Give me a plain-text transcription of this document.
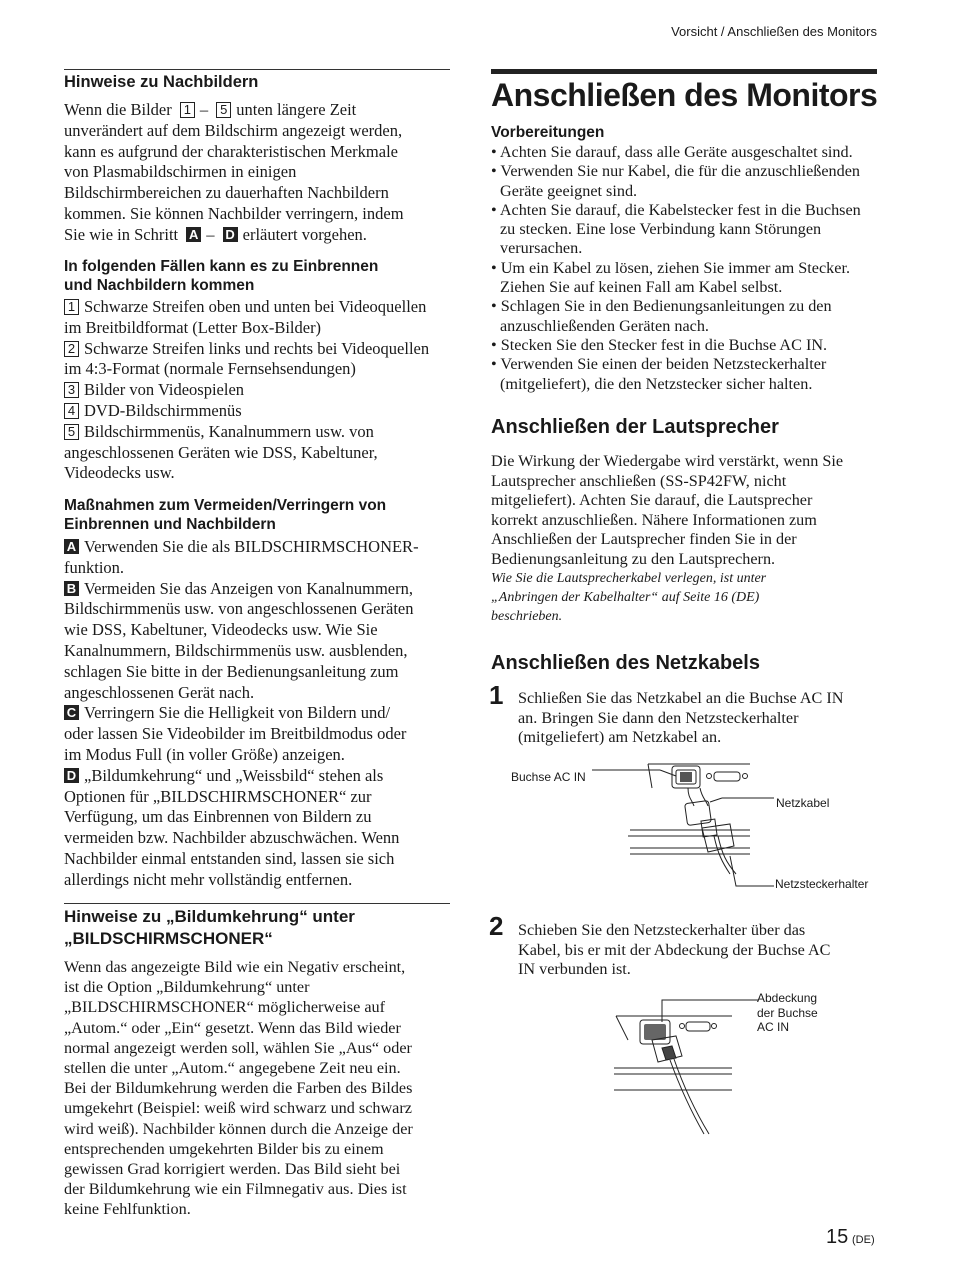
Vorsicht / Anschließen des Monitors
Hinweise zu Nachbildern
Wenn die Bilder 1 – 5 unten längere Zeit
unverändert auf dem Bildschirm angezeigt werden,
kann es aufgrund der charakteristischen Merkmale
von Plasmabildschirmen in einigen
Bildschirmbereichen zu dauerhaften Nachbildern
kommen. Sie können Nachbilder verringern, indem
Sie wie in Schritt A – D erläutert vorgehen.
In folgenden Fällen kann es zu Einbrennen
und Nachbildern kommen
1 Schwarze Streifen oben und unten bei Videoquellen
im Breitbildformat (Letter Box-Bilder)
2 Schwarze Streifen links und rechts bei Videoquellen
im 4:3-Format (normale Fernsehsendungen)
3 Bilder von Videospielen
4 DVD-Bildschirmmenüs
5 Bildschirmmenüs, Kanalnummern usw. von
angeschlossenen Geräten wie DSS, Kabeltuner,
Videodecks usw.
Maßnahmen zum Vermeiden/Verringern von
Einbrennen und Nachbildern
A Verwenden Sie die als BILDSCHIRMSCHONER-
funktion.
B Vermeiden Sie das Anzeigen von Kanalnummern,
Bildschirmmenüs usw. von angeschlossenen Geräten
wie DSS, Kabeltuner, Videodecks usw. Wie Sie
Kanalnummern, Bildschirmmenüs usw. ausblenden,
schlagen Sie bitte in der Bedienungsanleitung zum
angeschlossenen Gerät nach.
C Verringern Sie die Helligkeit von Bildern und/
oder lassen Sie Videobilder im Breitbildmodus oder
im Modus Full (in voller Größe) anzeigen.
D „Bildumkehrung“ und „Weissbild“ stehen als
Optionen für „BILDSCHIRMSCHONER“ zur
Verfügung, um das Einbrennen von Bildern zu
vermeiden bzw. Nachbilder abzuschwächen. Wenn
Nachbilder einmal entstanden sind, lassen sie sich
allerdings nicht mehr vollständig entfernen.
Hinweise zu „Bildumkehrung“ unter
„BILDSCHIRMSCHONER“
Wenn das angezeigte Bild wie ein Negativ erscheint,
ist die Option „Bildumkehrung“ unter
„BILDSCHIRMSCHONER“ möglicherweise auf
„Autom.“ oder „Ein“ gesetzt. Wenn das Bild wieder
normal angezeigt werden soll, wählen Sie „Aus“ oder
stellen die unter „Autom.“ angegebene Zeit neu ein.
Bei der Bildumkehrung werden die Farben des Bildes
umgekehrt (Beispiel: weiß wird schwarz und schwarz
wird weiß). Nachbilder können durch die Anzeige der
entsprechenden umgekehrten Bilder bis zu einem
gewissen Grad korrigiert werden. Das Bild sieht bei
der Bildumkehrung wie ein Filmnegativ aus. Dies ist
keine Fehlfunktion.
Anschließen des Monitors
Vorbereitungen

• Achten Sie darauf, dass alle Geräte ausgeschaltet sind.

• Verwenden Sie nur Kabel, die für die anzuschließenden
Geräte geeignet sind.

• Achten Sie darauf, die Kabelstecker fest in die Buchsen
zu stecken. Eine lose Verbindung kann Störungen
verursachen.

• Um ein Kabel zu lösen, ziehen Sie immer am Stecker.
Ziehen Sie auf keinen Fall am Kabel selbst.

• Schlagen Sie in den Bedienungsanleitungen zu den
anzuschließenden Geräten nach.

• Stecken Sie den Stecker fest in die Buchse AC IN.

• Verwenden Sie einen der beiden Netzsteckerhalter
(mitgeliefert), die den Netzstecker sicher halten.

Anschließen der Lautsprecher
Die Wirkung der Wiedergabe wird verstärkt, wenn Sie
Lautsprecher anschließen (SS-SP42FW, nicht
mitgeliefert). Achten Sie darauf, die Lautsprecher
korrekt anzuschließen. Nähere Informationen zum
Anschließen der Lautsprecher finden Sie in der
Bedienungsanleitung zu den Lautsprechern.
Wie Sie die Lautsprecherkabel verlegen, ist unter
„Anbringen der Kabelhalter“ auf Seite 16 (DE)
beschrieben.
Anschließen des Netzkabels
1 Schließen Sie das Netzkabel an die Buchse AC IN
an. Bringen Sie dann den Netzsteckerhalter
(mitgeliefert) am Netzkabel an.
Buchse AC IN
Netzkabel
Netzsteckerhalter
2 Schieben Sie den Netzsteckerhalter über das
Kabel, bis er mit der Abdeckung der Buchse AC
IN verbunden ist.
Abdeckung
der Buchse
AC IN
15 (DE)
